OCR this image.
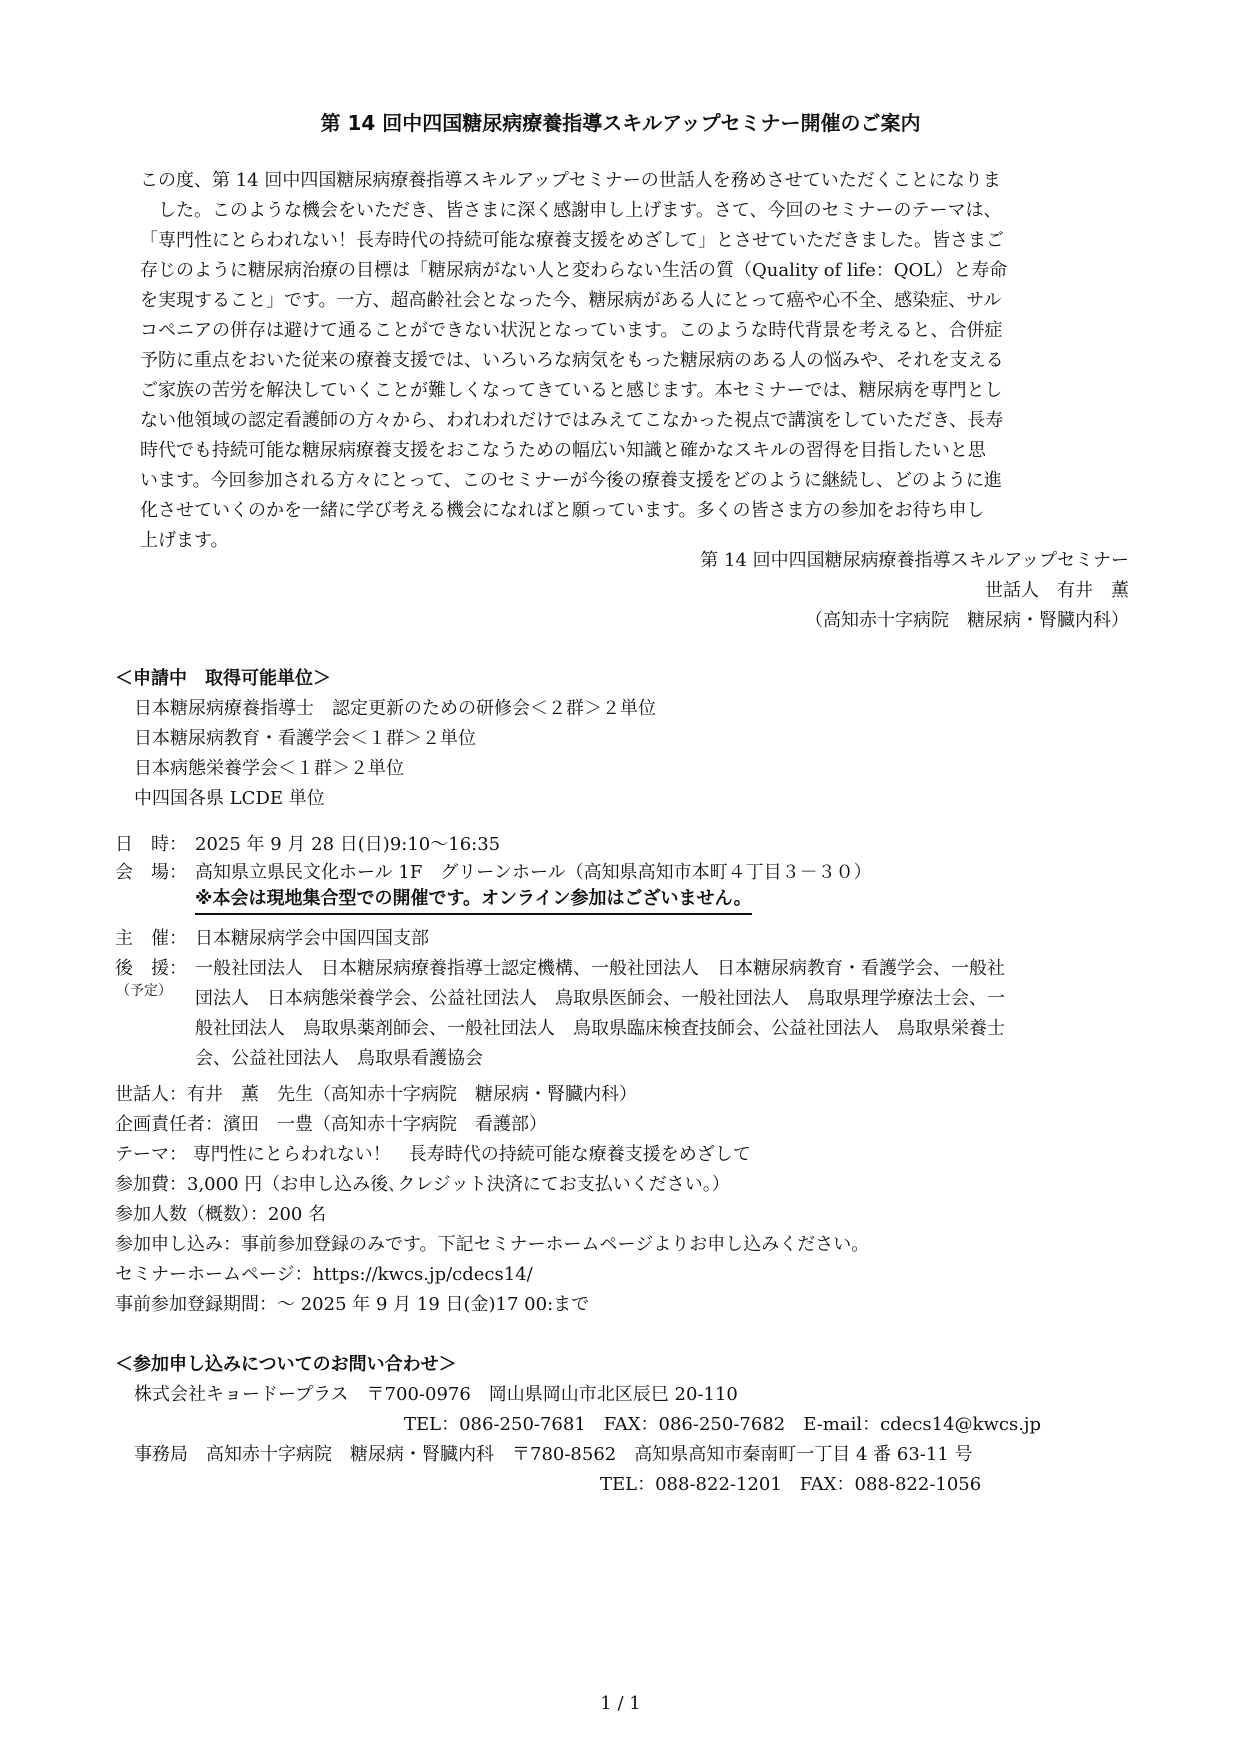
第 14 回中四国糖尿病療養指導スキルアップセミナー開催のご案内
この度、第 14 回中四国糖尿病療養指導スキルアップセミナーの世話人を務めさせていただくことになりま
した。このような機会をいただき、皆さまに深く感謝申し上げます。さて、今回のセミナーのテーマは、
「専門性にとらわれない！長寿時代の持続可能な療養支援をめざして」とさせていただきました。皆さまご
存じのように糖尿病治療の目標は「糖尿病がない人と変わらない生活の質（Quality of life：QOL）と寿命
を実現すること」です。一方、超高齢社会となった今、糖尿病がある人にとって癌や心不全、感染症、サル
コペニアの併存は避けて通ることができない状況となっています。このような時代背景を考えると、合併症
予防に重点をおいた従来の療養支援では、いろいろな病気をもった糖尿病のある人の悩みや、それを支える
ご家族の苦労を解決していくことが難しくなってきていると感じます。本セミナーでは、糖尿病を専門とし
ない他領域の認定看護師の方々から、われわれだけではみえてこなかった視点で講演をしていただき、長寿
時代でも持続可能な糖尿病療養支援をおこなうための幅広い知識と確かなスキルの習得を目指したいと思
います。今回参加される方々にとって、このセミナーが今後の療養支援をどのように継続し、どのように進
化させていくのかを一緒に学び考える機会になればと願っています。多くの皆さま方の参加をお待ち申し
上げます。
第 14 回中四国糖尿病療養指導スキルアップセミナー
世話人　有井　薫
（高知赤十字病院　糖尿病・腎臓内科）
＜申請中　取得可能単位＞
日本糖尿病療養指導士　認定更新のための研修会＜２群＞２単位
日本糖尿病教育・看護学会＜１群＞２単位
日本病態栄養学会＜１群＞２単位
中四国各県 LCDE 単位
日　時： 2025 年 9 月 28 日(日)9:10～16:35
会　場： 高知県立県民文化ホール 1F　グリーンホール（高知県高知市本町４丁目３－３０）
※本会は現地集合型での開催です。オンライン参加はございません。
主　催： 日本糖尿病学会中国四国支部
後　援：
（予定）
一般社団法人　日本糖尿病療養指導士認定機構、一般社団法人　日本糖尿病教育・看護学会、一般社
団法人　日本病態栄養学会、公益社団法人　鳥取県医師会、一般社団法人　鳥取県理学療法士会、一
般社団法人　鳥取県薬剤師会、一般社団法人　鳥取県臨床検査技師会、公益社団法人　鳥取県栄養士
会、公益社団法人　鳥取県看護協会
世話人：有井　薫　先生（高知赤十字病院　糖尿病・腎臓内科）
企画責任者：濱田　一豊（高知赤十字病院　看護部）
テーマ： 専門性にとらわれない！　長寿時代の持続可能な療養支援をめざして
参加費：3,000 円（お申し込み後､クレジット決済にてお支払いください。）
参加人数（概数）：200 名
参加申し込み：事前参加登録のみです。下記セミナーホームページよりお申し込みください。
セミナーホームページ：https://kwcs.jp/cdecs14/
事前参加登録期間：～ 2025 年 9 月 19 日(金)17 00:まで
＜参加申し込みについてのお問い合わせ＞
株式会社キョードープラス　〒700-0976　岡山県岡山市北区辰巳 20-110
TEL：086-250-7681　FAX：086-250-7682　E-mail：cdecs14@kwcs.jp
事務局　高知赤十字病院　糖尿病・腎臓内科　〒780-8562　高知県高知市秦南町一丁目 4 番 63-11 号
TEL：088-822-1201　FAX：088-822-1056
1 / 1
